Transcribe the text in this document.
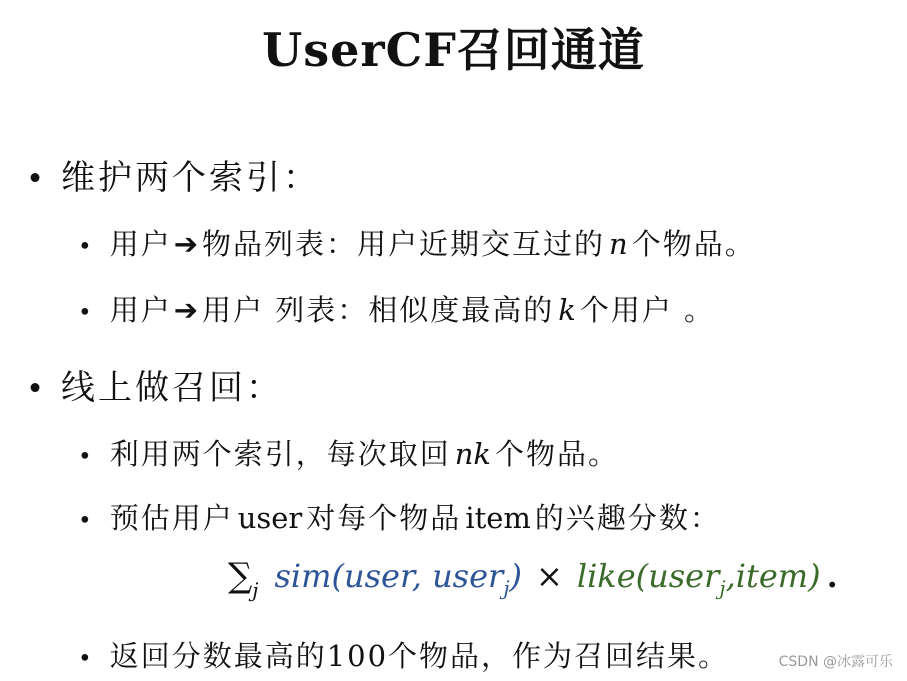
UserCF召回通道
• 维护两个索引：
• 用户➔物品列表：用户近期交互过的 n 个物品。
• 用户➔用户 列表：相似度最高的 k 个用户 。
• 线上做召回：
• 利用两个索引，每次取回 nk 个物品。
• 预估用户 user 对每个物品 item 的兴趣分数：
$\sum_j$ sim(user, user$_j$) × like(user$_j$,item) .
• 返回分数最高的100个物品，作为召回结果。	CSDN @冰露可乐
